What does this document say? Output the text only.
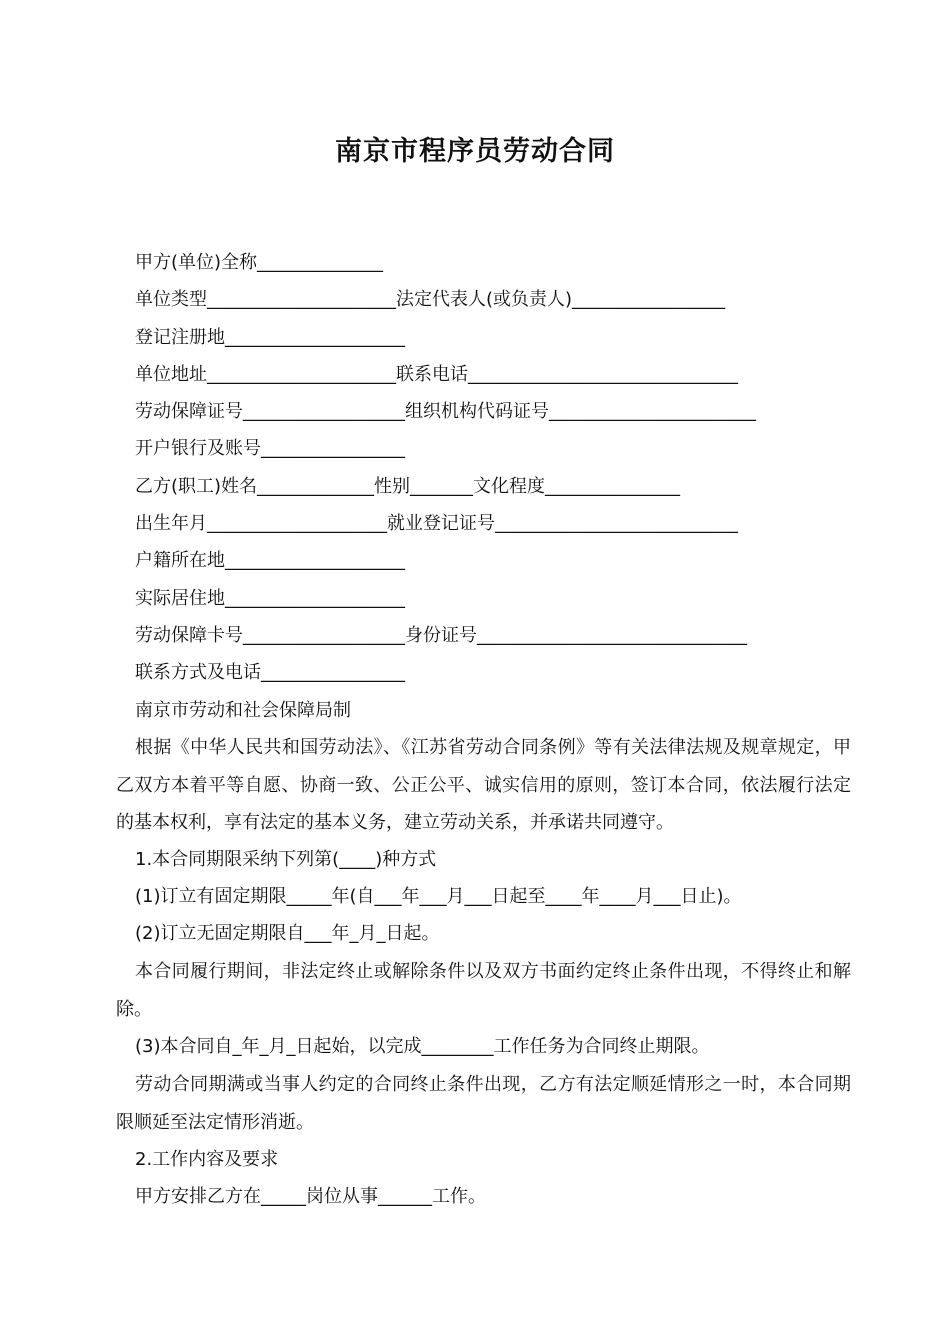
南京市程序员劳动合同
甲方(单位)全称______________
单位类型_____________________法定代表人(或负责人)_________________
登记注册地____________________
单位地址_____________________联系电话______________________________
劳动保障证号__________________组织机构代码证号_______________________
开户银行及账号________________
乙方(职工)姓名_____________性别_______文化程度_______________
出生年月____________________就业登记证号___________________________
户籍所在地____________________
实际居住地____________________
劳动保障卡号__________________身份证号______________________________
联系方式及电话________________
南京市劳动和社会保障局制
根据《中华人民共和国劳动法》、《江苏省劳动合同条例》等有关法律法规及规章规定，甲乙双方本着平等自愿、协商一致、公正公平、诚实信用的原则，签订本合同，依法履行法定的基本权利，享有法定的基本义务，建立劳动关系，并承诺共同遵守。
1.本合同期限采纳下列第(____)种方式
(1)订立有固定期限_____年(自___年___月___日起至____年____月___日止)。
(2)订立无固定期限自___年_月_日起。
本合同履行期间，非法定终止或解除条件以及双方书面约定终止条件出现，不得终止和解除。
(3)本合同自_年_月_日起始，以完成________工作任务为合同终止期限。
劳动合同期满或当事人约定的合同终止条件出现，乙方有法定顺延情形之一时，本合同期限顺延至法定情形消逝。
2.工作内容及要求
甲方安排乙方在_____岗位从事______工作。
